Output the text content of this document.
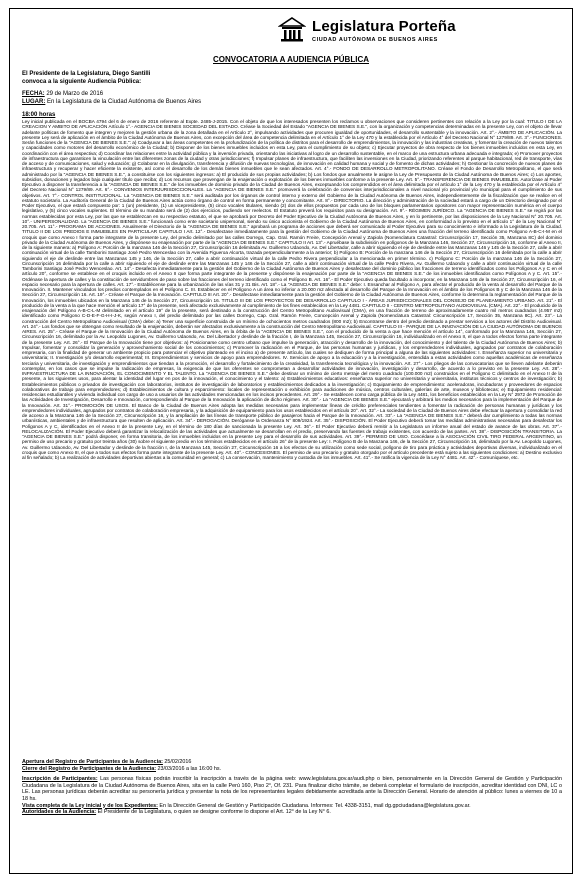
Legislatura Porteña
CIUDAD AUTÓNOMA DE BUENOS AIRES
CONVOCATORIA A AUDIENCIA PÚBLICA
El Presidente de la Legislatura, Diego Santilli
convoca a la siguiente Audiencia Pública:
FECHA: 29 de Marzo de 2016
LUGAR: En la Legislatura de la Ciudad Autónoma de Buenos Aires
18:00 horas
Ley inicial publicada en el BOCBA 4794 del 6 de enero de 2016 referente al Expte. 2485-J-2015. Con el objeto de que los interesados presenten los reclamos u observaciones que consideren pertinentes con relación a la Ley por la cual: TITULO I DE LA CREACION Y AMBITO DE APLICACIÓN Artículo 1°.- AGENCIA DE BIENES SOCIEDAD DEL ESTADO. Créase la Sociedad del Estado "AGENCIA DE BIENES S.E.", con la organización y competencias determinadas en la presente Ley, con el objeto de llevar adelante políticas de fomento que integren y mejoren la gestión urbana de la zona detallada en el Artículo 2°, impulsando actividades que procuren igualdad de oportunidades, el desarrollo sustentable y la innovación. Art. 2°.- ÁMBITO DE APLICACIÓN. La presente Ley será de aplicación en el ámbito de la Ciudad Autónoma de Buenos Aires, con excepción del área de competencia delimitada en el Artículo 1° de la Ley 470 y la establecida por el Artículo 4° del Decreto Nacional N° 1279/89. Art. 3°.- FUNCIONES. Serán funciones de la "AGENCIA DE BIENES S.E.": a) Coadyuvar a las áreas competentes en la profundización de la política de distritos para el desarrollo de emprendimientos, la innovación y las industrias creativas, y fomentar la creación de nuevos talentos y capacidades como motores del desarrollo económico de la Ciudad; b) Disponer de los bienes inmuebles incluidos en esta Ley, para el cumplimiento de su objeto; c) Ejecutar proyectos de obra respecto de los bienes inmuebles incluidos en esta Ley, en coordinación con el área respectiva; d) Coordinar las relaciones entre la actividad pública y la inversión privada, orientando las iniciativas al logro de un desarrollo sustentable, en el marco de una estructura urbana adecuada e integrada; e) Promover proyectos de infraestructura que garanticen la vinculación entre las diferentes zonas de la ciudad y otras jurisdicciones; f) Impulsar planes de infraestructura, que faciliten las inversiones en la Ciudad, priorizando referentes al parque habitacional, red de transporte, vías de acceso y de comunicaciones, salud y educación; g) Colaborar en la divulgación, transferencia y difusión de nuevas tecnologías, de innovación en calidad humana y social y de fomento de dichas actividades; h) Gestionar la concreción de nuevos planes de infraestructura y recuperar y hacer eficiente la existente, así como el desarrollo de los demás bienes inmuebles que le sean afectados. Art. 4°.- FONDO DE DESARROLLO METROPOLITANO. Créase el Fondo de Desarrollo Metropolitano, el que será administrado por la "AGENCIA DE BIENES S.E.", a constituirse con los siguientes ingresos: a) El producido de sus propias actividades; b) Los fondos que anualmente le asigne la Ley de Presupuesto de la Ciudad Autónoma de Buenos Aires; c) Los aportes, subsidios, donaciones y legados bajo cualquier título que reciba; d) Los recursos que provengan de la enajenación o explotación de los bienes inmuebles conforme a la presente Ley. Art. 5°.- TRANSFERENCIA DE BIENES INMUEBLES. Autorízase al Poder Ejecutivo a disponer la transferencia a la "AGENCIA DE BIENES S.E." de los inmuebles de dominio privado de la Ciudad de Buenos Aires, exceptuando los comprendidos en el área delimitada por el artículo 1° de la Ley 470 y la establecida por el Artículo 4° del Decreto Nacional N° 1279/89. Art. 6°.- CONVENIOS INTERJURISDICCIONALES. La "AGENCIA DE BIENES S.E." promoverá la celebración de convenios interjurisdiccionales a nivel nacional y/o provincial y/o municipal para el cumplimiento de sus objetivos. Art. 7°.- CONTROL INSTITUCIONAL. La "AGENCIA DE BIENES S.E." será auditada por los órganos de control interno y externo del Gobierno de la Ciudad Autónoma de Buenos Aires, independientemente de la fiscalización que se realice en el estatuto societario. La Auditoría General de la Ciudad de Buenos Aires actúa como órgano de control en forma permanente y concomitante. Art. 8°.- DIRECTORIO. La dirección y administración de la sociedad estará a cargo de un Directorio designado por el Poder Ejecutivo, el que estará compuesto por: 1 (un) presidente, (1) un vicepresidente, (5) cinco vocales titulares, siendo (2) dos de ellos propuestos por cada uno de los bloques parlamentarios opositores con mayor representación numérica en el cuerpo legislativo, y (5) cinco vocales suplentes. El término de su mandato será de (2) dos ejercicios, pudiendo ser reelectos. El Estatuto preverá los requisitos para su designación. Art. 9°.- RÉGIMEN JURÍDICO. La "AGENCIA DE BIENES S.E." se regirá por las normas establecidas por esta Ley, por las que se establezcan en su respectivo estatuto, el que se aprobará por Decreto del Poder Ejecutivo de la Ciudad Autónoma de Buenos Aires, y en lo pertinente, por las disposiciones de la Ley Nacional N° 20.705. Art. 10°.- UNIPERSONALIDAD. La "AGENCIA DE BIENES S.E." funcionará como ente societario unipersonal, siendo su único accionista el Gobierno de la Ciudad Autónoma de Buenos Aires, en conformidad a lo previsto en el artículo 1° de la Ley Nacional N° 20.705. Art. 11°.- PROGRAMA DE ACCIONES. Anualmente el Directorio de la "AGENCIA DE BIENES S.E." aprobará un programa de acciones que deberá ser comunicado al Poder Ejecutivo para su conocimiento e informado a la Legislatura de la Ciudad. TITULO II DE LOS PREDIOS E INMUEBLES EN PARTICULAR CAPITULO I Art. 12°.- Desafectase inmediatamente para la gestión del Gobierno de la Ciudad Autónoma de Buenos Aires una fracción del terreno identificado como Polígono A-B-C-I-M en el croquis que como Anexo I forma parte integrante de la presente Ley, del predio delimitado por las calles Dorrego, Cap. Gral. Ramón Freire, Concepción Arenal y Zapiola (Nomenclatura Catastral: Circunscripción 17, Sección 35, Manzana 8C) del dominio privado de la Ciudad Autónoma de Buenos Aires, y dispónese su enajenación por parte de la "AGENCIA DE BIENES S.E." CAPITULO II Art. 13°.- Apruébase la subdivisión en polígonos de la Manzana 146, Sección 27, Circunscripción 16, conforme al Anexo II, de la siguiente manera: a) Polígono A: Porción de la manzana 146 de la Sección 27, Circunscripción 16 delimitada Av. Guillermo Udaondo, Av. Del Libertador, calle a abrir siguiendo el eje de deslinde entre las Manzanas 146 y 145 de la Sección 27, calle a abrir continuación virtual de la calle Tamborini Santiago José Pedro Wenceslao con la Avenida Figueroa Alcorta, trazada perpendicularmente a la anterior; b) Polígono B: Porción de la manzana 146 de la Sección 27, Circunscripción 16 delimitada por la calle a abrir siguiendo el eje de deslinde entre las Manzanas 145 y 146, de la Sección 27, calle a abrir continuación virtual de la calle Pedro Rivera perpendicular a la mencionada en primer término. c) Polígono C: Porción de la manzana 146 de la Sección 27, Circunscripción 16 delimitada por la calle a abrir siguiendo el eje de deslinde entre las Manzanas 145 y 146 de la Sección 27, calle a abrir continuación virtual de la calle Pedro Rivera, Av. Guillermo Udaondo y calle a abrir continuación virtual de la calle Tamborini Santiago José Pedro Wenceslao. Art. 14°.- Desafecta inmediatamente para la gestión del Gobierno de la Ciudad Autónoma de Buenos Aires y desafectase del dominio público las fracciones de terreno identificados como los Polígonos A y C en el artículo 20°, conforme se establece en el croquis incluido en el Anexo II que forma parte integrante de la presente y dispónese la enajenación por parte de la "AGENCIA DE BIENES S.E." de los inmuebles identificados como Polígonos A y C. Art. 15°.- Ordénase la apertura de calles y la constitución de servidumbres de paso sobre las fracciones del terreno identificado como el Polígono B. Art. 16°.- El Poder Ejecutivo queda facultado a incorporar, en la Manzana 146 de la Sección 27, Circunscripción 16, el espacio necesario para la apertura de calles. Art. 17°.- Establécense para la urbanización de las vías 31 y 31 Bis. Art. 18°.- La "AGENCIA DE BIENES S.E." debe: I. Ensanchar al Polígono A, para afectar el producido de la venta al desarrollo del Parque de la Innovación. II. Mantener vinculados los predios contemplados en el Polígono C. III. Establecer en el Polígono A un área no inferior a 20.000 m2 afectada al desarrollo del Parque de la Innovación en el ámbito de los Polígonos B y C de la Manzana 146 de la Sección 27, Circunscripción 16. Art. 19°.- Créase el Parque de la Innovación. CAPITULO III Art. 20°.- Desafectase inmediatamente para la gestión del Gobierno de la Ciudad Autónoma de Buenos Aires, conforme lo determina la reglamentación del Parque de la Innovación, los inmuebles ubicados en la Manzana 146 de la Sección 27, Circunscripción 16. TITULO III DE LOS PROYECTOS DE DESARROLLO CAPITULO I - ÁREAS JURISDICCIONALES DEL CONSEJO DE PLANEAMIENTO URBANO. Art. 21°.- El producido de la venta a la que hace mención el artículo 17° de la presente, será afectado exclusivamente al cumplimiento de los fines establecidos en la Ley 4481. CAPITULO II - CENTRO METROPOLITANO AUDIOVISUAL (CMA). Art. 22°.- El producido de la enajenación del Polígono A-B-C-L-M delimitado en el artículo 19° de la presente, será destinado a la construcción del Centro Metropolitano Audiovisual (CMA), en una fracción de terreno de aproximadamente cuatro mil metros cuadrados (4.957 m2) identificado como Polígono C-D-E-F-G-H-I-J-K, según Anexo I, del predio delimitado por las calles Dorrego, Cap. Gral. Ramón Freire, Concepción Arenal y Zapiola (Nomenclatura Catastral: Circunscripción 17, Sección 35, Manzana 8C). Art. 23°.- La construcción del Centro Metropolitano Audiovisual (CMA) debe: a) Tener una superficie construida de un mínimo de ochocientos metros cuadrados (800 m2); b) Encontrarse dentro del predio destinado a prestar servicios a los actores del Distrito Audiovisual. Art. 24°.- Los fondos que se obtengan como resultado de la enajenación, deberán ser afectados exclusivamente a la construcción del Centro Metropolitano Audiovisual. CAPITULO III - PARQUE DE LA INNOVACIÓN DE LA CIUDAD AUTÓNOMA DE BUENOS AIRES. Art. 25°.- Créase el Parque de la Innovación de la Ciudad Autónoma de Buenos Aires, en la órbita de la "AGENCIA DE BIENES S.E.", con el producido de la venta a que hace mención el artículo 14°, conformado por la Manzana 146, Sección 27, Circunscripción 16, delimitado por la Av. Leopoldo Lugones, Av. Guillermo Udaondo, Av. Del Libertador y deslinde de la fracción I, de la Manzana 145, Sección 27, Circunscripción 16, individualizado en el Anexo II, el que a todos efectos forma parte integrante de la presente Ley. Art. 26°.- El Parque de la Innovación tiene por objetivos: a) Posicionarse como centro urbano que impulse la generación, atracción y desarrollo de la innovación, del conocimiento y del talento de la Ciudad Autónoma de Buenos Aires; b) Impulsar, fomentar y consolidar la generación y aprovechamiento social de los conocimientos; c) Promover la radicación en el Parque, de las personas humanas y jurídicas, y los emprendedores individuales, agrupados por contratos de colaboración empresaria, con la finalidad de generar un ambiente propicio para potenciar el objetivo planteado en el inciso a) de presente artículo, las cuales se dediquen de forma principal a alguna de las siguientes actividades: I. Enseñanza superior no universitaria y universitaria; II. Investigación y/o desarrollo experimental; III. Emprendimientos y servicios de apoyo para emprendedores. IV. Servicios de apoyo a la educación y a la investigación, entendida a estas actividades como aquellas académicas de enseñanza terciaria y universitaria, de investigación y emprendimientos que tiendan a la promoción, el desarrollo y fortalecimiento de la creatividad, la transferencia tecnológica y la innovación. Art. 27°.- Los pliegos de las convocatorias que se lleven adelante deberán contemplar, en los casos que se impulse la radicación de empresas, la exigencia de que los oferentes se comprometan a desarrollar actividades de innovación, investigación y desarrollo, de acuerdo a lo previsto en la presente Ley. Art. 28°.- INFRAESTRUCTURA DE LA INNOVACIÓN, EL CONOCIMIENTO Y EL TALENTO. La "AGENCIA DE BIENES S.E." debe destinar un mínimo de cierto metraje del metro cuadrado (100.000 m2) construidos en el Polígono C delimitado en el Anexo II de la presente, a los siguientes usos, para alentar la identidad del lugar en pos de la innovación, el conocimiento y el talento: a) Establecimientos educativos: enseñanza superior no universitaria y universitaria, institutos técnicos y centros de investigación; b) Establecimientos públicos o privados de investigación con laboratorios, institutos de investigación de laboratorios y establecimientos dedicados a la investigación; c) Equipamiento de emprendimiento: aceleradoras, incubadoras y proveedores de espacios colaborativos de trabajo para emprendedores; d) Establecimientos de cultura y esparcimiento: locales de representación o exhibición para audiciones de música, centros culturales, galerías de arte, museos y bibliotecas; e) Equipamiento residencial: residencias estudiantiles y vivienda individual con cargo de uso a usuarios de las actividades mencionadas en los incisos precedentes. Art. 29°.- Se establecen como carga pública de la Ley 4481, los beneficios establecidos en la Ley N° 2972 de Promoción de las Actividades de Investigación, Desarrollo e Innovación, correspondiendo al Parque de la Innovación la aplicación de dicho régimen. Art. 30°.- La "AGENCIA DE BIENES S.E." ejecutará y arbitrará los medios necesarios para la implementación del Parque de la Innovación. Art. 31°.- PROMOCIÓN DE USOS. El Banco de la Ciudad de Buenos Aires adopta las medidas necesarias para implementar líneas de crédito preferenciales tendientes a fomentar la radicación de personas humanas y jurídicas y los emprendedores individuales, agrupados por contratos de colaboración empresaria, y la adquisición de equipamiento para los usos establecidos en el artículo 20°. Art. 32°.- La sociedad de la Ciudad de Buenos Aires debe efectuar la apertura y consolidar la red de acceso a la Manzana 146 de la Sección 27, Circunscripción 16, y la ampliación de las líneas de transporte público de pasajeros hacia el Parque de la Innovación. Art. 33°.- La "AGENCIA DE BIENES S.E." deberá dar cumplimiento a todas las normas urbanísticas, ambientales y de infraestructura que resulten de aplicación. Art. 34°.- DEROGACIÓN. Deróganse la Ordenanza N° 809/1924. Art. 35°.- DISPOSICIÓN. El Poder Ejecutivo deberá tomar las medidas administrativas necesarias para desafectar los Polígonos A y C, identificados en el Anexo II de la presente Ley, en el término de 180 días de sancionada la presente Ley. Art. 36°.- El Poder Ejecutivo deberá remitir a la Legislatura un informe anual del estado de avance de las obras. Art. 37°.- RELOCALIZACIÓN. El Poder Ejecutivo deberá garantizar la relocalización de las actividades que actualmente se desarrollan en el predio, preservando las fuentes de trabajo existentes, con acuerdo de las partes. Art. 38°.- DISPOSICIÓN TRANSITORIA. La "AGENCIA DE BIENES S.E." podrá disponer, en forma transitoria, de los inmuebles incluidos en la presente Ley para el desarrollo de sus actividades. Art. 39°.- PERMISO DE USO. Concédase a la ASOCIACIÓN CIVIL TIRO FEDERAL ARGENTINO, un permiso de uso precario y gratuito por treinta años (30) sobre el siguiente predio en los términos establecidos en el artículo 26° de la presente Ley: I. Polígono B de la Manzana 146, de la Sección 27, Circunscripción 16, delimitado por la Av. Leopoldo Lugones, Av. Guillermo Udaondo, Av. Del Libertador y deslinde de la fracción I, de la Manzana 145, Sección 27, Circunscripción 16 a los efectos de su utilización como sede social, polígono de tiro para práctica y actividades deportivas diversas, individualizado en el croquis que como Anexo III, el que a todos sus efectos forma parte integrante de la presente Ley. Art. 40°.- CONCESIONES. El permiso de uso precario y gratuito otorgado por el artículo precedente está sujeto a las siguientes condiciones: a) Destino exclusivo al fin señalado; b) La realización de actividades deportivas abiertas a la comunidad en general; c) La conservación, mantenimiento y custodia de los inmuebles. Art. 41°.- Se ratifica la vigencia de la Ley N° 4481. Art. 42°.- Comuníquese, etc.
Apertura del Registro de Participantes de la Audiencia: 25/02/2016
Cierre del Registro de Participantes de la Audiencia: 23/03/2016 a las 16:00 hs.
Inscripción de Participantes: Las personas físicas podrán inscribir la inscripción a través de la página web: www.legislatura.gov.ar/audi.php o bien, personalmente en la Dirección General de Gestión y Participación Ciudadana de la Legislatura de la Ciudad Autónoma de Buenos Aires, sita en la calle Perú 160, Piso 2°, Of. 231. Para finalizar dicho trámite, se deberá completar el formulario de inscripción, acreditar identidad con DNI, LC o LE. Las personas jurídicas deberán acreditar su personería jurídica y presentar la nota de los representantes legales debidamente acreditada ante la Dirección General. Horario de atención al público: lunes a viernes de 10 a 18 hs.
Vista completa de la Ley inicial y de los Expedientes: En la Dirección General de Gestión y Participación Ciudadana. Informes: Tel. 4338-3151, mail dg.gpciudadana@legislatura.gov.ar.
Autoridades de la Audiencia: El Presidente de la Legislatura, o quien se designe conforme lo dispone el Art. 12° de la Ley N° 6.
